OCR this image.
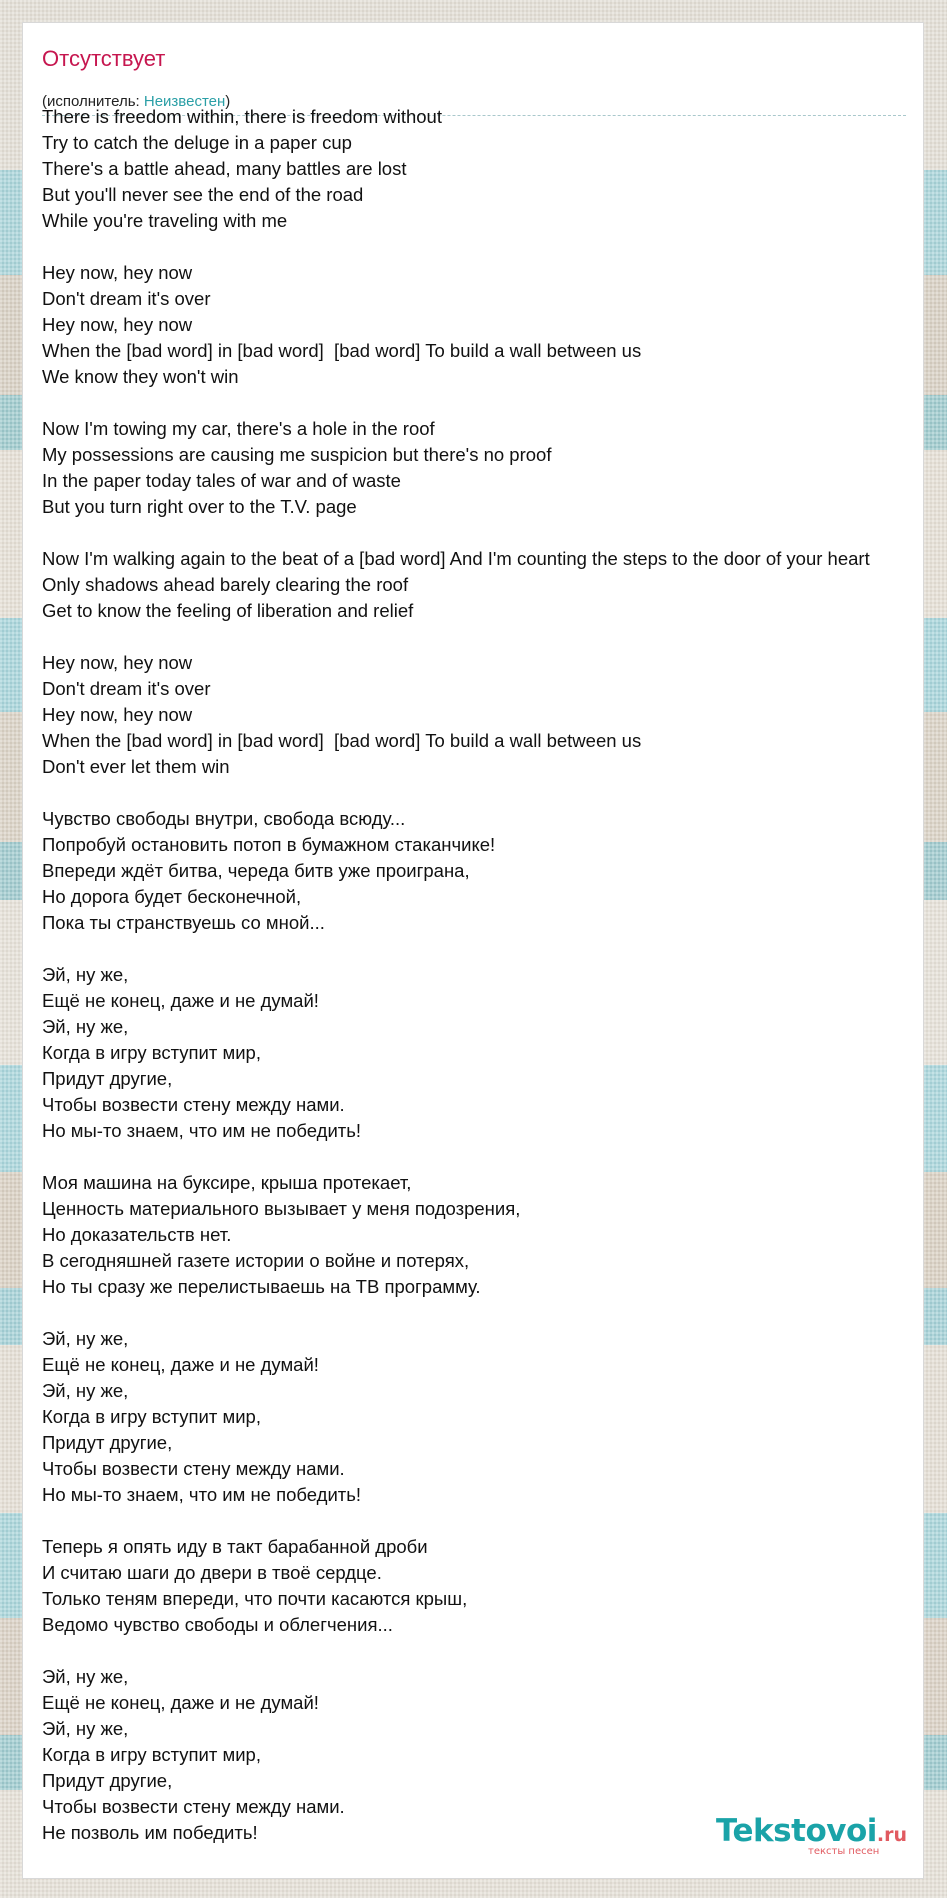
Отсутствует
(исполнитель: Неизвестен)
There is freedom within, there is freedom without
Try to catch the deluge in a paper cup
There's a battle ahead, many battles are lost
But you'll never see the end of the road
While you're traveling with me
Hey now, hey now
Don't dream it's over
Hey now, hey now
When the [bad word] in [bad word]  [bad word] To build a wall between us
We know they won't win
Now I'm towing my car, there's a hole in the roof
My possessions are causing me suspicion but there's no proof
In the paper today tales of war and of waste
But you turn right over to the T.V. page
Now I'm walking again to the beat of a [bad word] And I'm counting the steps to the door of your heart
Only shadows ahead barely clearing the roof
Get to know the feeling of liberation and relief
Hey now, hey now
Don't dream it's over
Hey now, hey now
When the [bad word] in [bad word]  [bad word] To build a wall between us
Don't ever let them win
Чувство свободы внутри, свобода всюду...
Попробуй остановить потоп в бумажном стаканчике!
Впереди ждёт битва, череда битв уже проиграна,
Но дорога будет бесконечной,
Пока ты странствуешь со мной...
Эй, ну же,
Ещё не конец, даже и не думай!
Эй, ну же,
Когда в игру вступит мир,
Придут другие,
Чтобы возвести стену между нами.
Но мы-то знаем, что им не победить!
Моя машина на буксире, крыша протекает,
Ценность материального вызывает у меня подозрения,
Но доказательств нет.
В сегодняшней газете истории о войне и потерях,
Но ты сразу же перелистываешь на ТВ программу.
Эй, ну же,
Ещё не конец, даже и не думай!
Эй, ну же,
Когда в игру вступит мир,
Придут другие,
Чтобы возвести стену между нами.
Но мы-то знаем, что им не победить!
Теперь я опять иду в такт барабанной дроби
И считаю шаги до двери в твоё сердце.
Только теням впереди, что почти касаются крыш,
Ведомо чувство свободы и облегчения...
Эй, ну же,
Ещё не конец, даже и не думай!
Эй, ну же,
Когда в игру вступит мир,
Придут другие,
Чтобы возвести стену между нами.
Не позволь им победить!	Tekstovoi.ru
тексты песен
